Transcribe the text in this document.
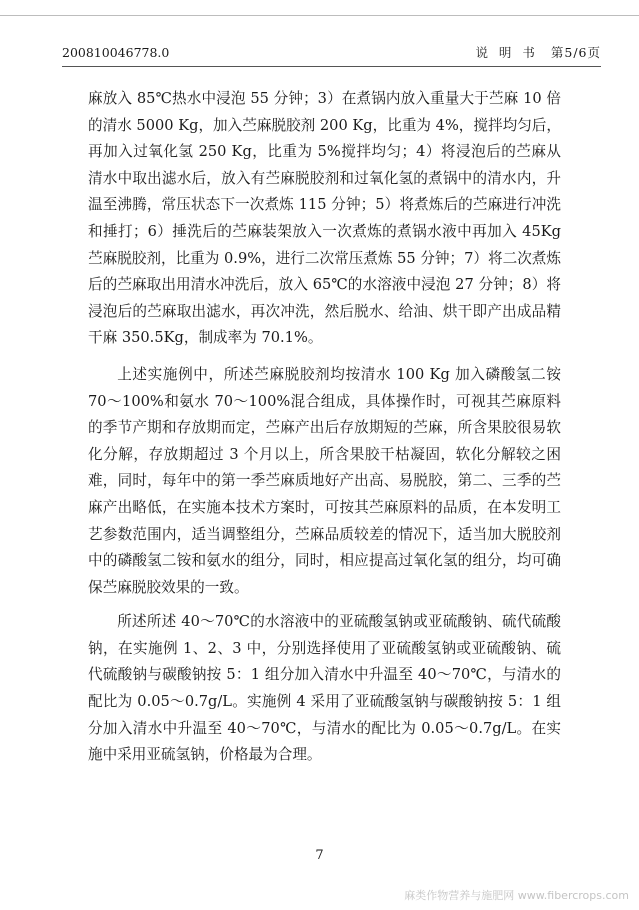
200810046778.0	说  明  书 第5/6页

麻放入 85℃热水中浸泡 55 分钟；3）在煮锅内放入重量大于苎麻 10 倍的清水 5000 Kg，加入苎麻脱胶剂 200 Kg，比重为 4%，搅拌均匀后，再加入过氧化氢 250 Kg，比重为 5%搅拌均匀；4）将浸泡后的苎麻从清水中取出滤水后，放入有苎麻脱胶剂和过氧化氢的煮锅中的清水内，升温至沸腾，常压状态下一次煮炼 115 分钟；5）将煮炼后的苎麻进行冲洗和捶打；6）捶洗后的苎麻装架放入一次煮炼的煮锅水液中再加入 45Kg 苎麻脱胶剂，比重为 0.9%，进行二次常压煮炼 55 分钟；7）将二次煮炼后的苎麻取出用清水冲洗后，放入 65℃的水溶液中浸泡 27 分钟；8）将浸泡后的苎麻取出滤水，再次冲洗，然后脱水、给油、烘干即产出成品精干麻 350.5Kg，制成率为 70.1%。

上述实施例中，所述苎麻脱胶剂均按清水 100 Kg 加入磷酸氢二铵 70～100%和氨水 70～100%混合组成，具体操作时，可视其苎麻原料的季节产期和存放期而定，苎麻产出后存放期短的苎麻，所含果胶很易软化分解，存放期超过 3 个月以上，所含果胶干枯凝固，软化分解较之困难，同时，每年中的第一季苎麻质地好产出高、易脱胶，第二、三季的苎麻产出略低，在实施本技术方案时，可按其苎麻原料的品质，在本发明工艺参数范围内，适当调整组分，苎麻品质较差的情况下，适当加大脱胶剂中的磷酸氢二铵和氨水的组分，同时，相应提高过氧化氢的组分，均可确保苎麻脱胶效果的一致。

所述所述 40～70℃的水溶液中的亚硫酸氢钠或亚硫酸钠、硫代硫酸钠，在实施例 1、2、3 中，分别选择使用了亚硫酸氢钠或亚硫酸钠、硫代硫酸钠与碳酸钠按 5：1 组分加入清水中升温至 40～70℃，与清水的配比为 0.05～0.7g/L。实施例 4 采用了亚硫酸氢钠与碳酸钠按 5：1 组分加入清水中升温至 40～70℃，与清水的配比为 0.05～0.7g/L。在实施中采用亚硫氢钠，价格最为合理。

7
麻类作物营养与施肥网 www.fibercrops.com
